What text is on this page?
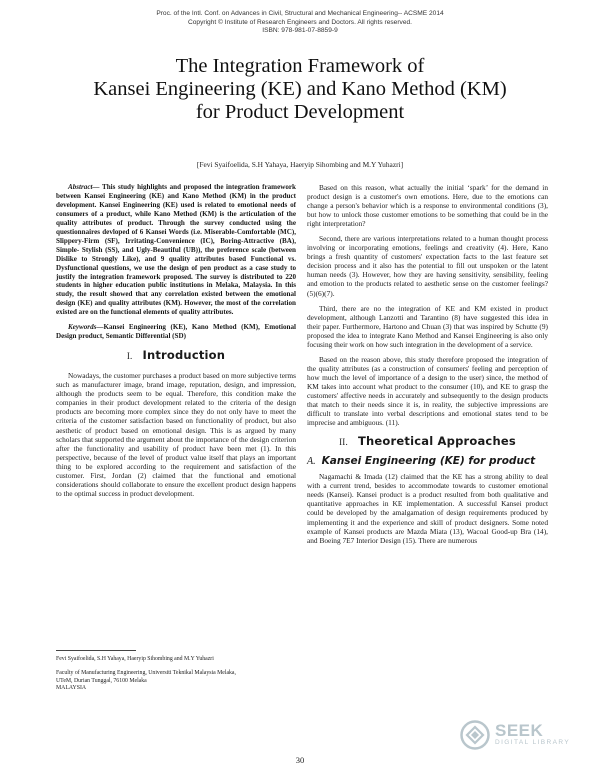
Proc. of the Intl. Conf. on Advances in Civil, Structural and Mechanical Engineering-- ACSME 2014
Copyright © Institute of Research Engineers and Doctors. All rights reserved.
ISBN: 978-981-07-8859-9
The Integration Framework of
Kansei Engineering (KE) and Kano Method (KM)
for Product Development
[Fevi Syaifoelida, S.H Yahaya, Haeryip Sihombing and M.Y Yuhazri]

Abstract— This study highlights and proposed the integration framework between Kansei Engineering (KE) and Kano Method (KM) in the product development. Kansei Engineering (KE) used is related to emotional needs of consumers of a product, while Kano Method (KM) is the articulation of the quality attributes of product. Through the survey conducted using the questionnaires devloped of 6 Kansei Words (i.e. Miserable-Comfortable (MC), Slippery-Firm (SF), Irritating-Convenience (IC), Boring-Attractive (BA), Simple- Stylish (SS), and Ugly-Beautiful (UB)), the preference scale (between Dislike to Strongly Like), and 9 quality attributes based Functional vs. Dysfunctional questions, we use the design of pen product as a case study to justify the integration framework proposed. The survey is distributed to 220 students in higher education public institutions in Melaka, Malaysia. In this study, the result showed that any correlation existed between the emotional design (KE) and quality attributes (KM). However, the most of the correlation existed are on the functional elements of quality attributes.

Keywords—Kansei Engineering (KE), Kano Method (KM), Emotional Design product, Semantic Differential (SD)

I. Introduction

Nowadays, the customer purchases a product based on more subjective terms such as manufacturer image, brand image, reputation, design, and impression, although the products seem to be equal. Therefore, this condition make the companies in their product development related to the criteria of the design products are becoming more complex since they do not only have to meet the criteria of the customer satisfaction based on functionality of product, but also aesthetic of product based on emotional design. This is as argued by many scholars that supported the argument about the importance of the design criterion after the functionality and usability of product have been met (1). In this perspective, because of the level of product value itself that plays an important thing to be explored according to the requirement and satisfaction of the customer. First, Jordan (2) claimed that the functional and emotional considerations should collaborate to ensure the excellent product design happens to the optimal success in product development.

Fevi Syaifoelida, S.H Yahaya, Haeryip Sihombing and M.Y Yuhazri
Faculty of Manufacturing Engineering, Universiti Teknikal Malaysia Melaka,
UTeM, Durian Tunggal, 76100 Melaka
MALAYSIA

Based on this reason, what actually the initial ‘spark’ for the demand in product design is a customer's own emotions. Here, due to the emotions can change a person's behavior which is a response to environmental conditions (3), but how to unlock those customer emotions to be something that could be in the right interpretation?

Second, there are various interpretations related to a human thought process involving or incorporating emotions, feelings and creativity (4). Here, Kano brings a fresh quantity of customers' expectation facts to the last feature set decision process and it also has the potential to fill out unspoken or the latent human needs (3). However, how they are having sensitivity, sensibility, feeling and emotion to the products related to aesthetic sense on the customer feelings? (5)(6)(7).

Third, there are no the integration of KE and KM existed in product development, although Lanzotti and Tarantino (8) have suggested this idea in their paper. Furthermore, Hartono and Chuan (3) that was inspired by Schutte (9) proposed the idea to integrate Kano Method and Kansei Engineering is also only focusing their work on how such integration in the development of a service.

Based on the reason above, this study therefore proposed the integration of the quality attributes (as a construction of consumers' feeling and perception of how much the level of importance of a design to the user) since, the method of KM takes into account what product to the consumer (10), and KE to grasp the customers' affective needs in accurately and subsequently to the design products that match to their needs since it is, in reality, the subjective impressions are difficult to translate into verbal descriptions and emotional states tend to be imprecise and ambiguous. (11).

II. Theoretical Approaches
A. Kansei Engineering (KE) for product

Nagamachi & Imada (12) claimed that the KE has a strong ability to deal with a current trend, besides to accommodate towards to customer emotional needs (Kansei). Kansei product is a product resulted from both qualitative and quantitative approaches in KE implementation. A successful Kansei product could be developed by the amalgamation of design requirements produced by implementing it and the experience and skill of product designers. Some noted example of Kansei products are Mazda Miata (13), Wacoal Good-up Bra (14), and Boeing 7E7 Interior Design (15). There are numerous

30
SEEK
DIGITAL LIBRARY
